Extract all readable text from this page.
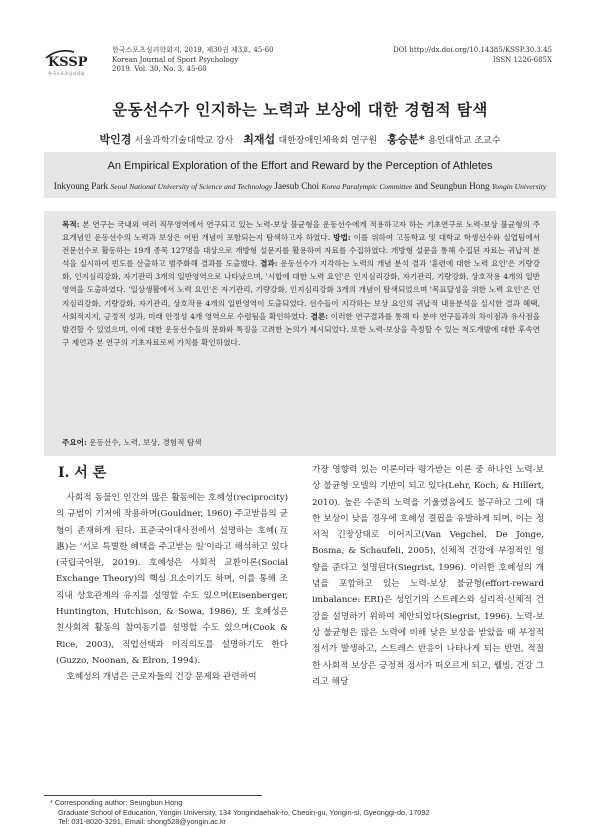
KSSP
한국스포츠심리학회
한국스포츠심리학회지, 2019, 제30권 제3호, 45-60
Korean Journal of Sport Psychology
2019. Vol. 30, No. 3, 45-60
DOI http://dx.doi.org/10.14385/KSSP.30.3.45
ISSN 1226-685X
운동선수가 인지하는 노력과 보상에 대한 경험적 탐색
박인경 서울과학기술대학교 강사 최재섭 대한장애인체육회 연구원 홍승분* 용인대학교 조교수
An Empirical Exploration of the Effort and Reward by the Perception of Athletes
Inkyoung Park Seoul National University of Science and Technology Jaesub Choi Korea Paralympic Committee and Seungbun Hong Yongin University

목적: 본 연구는 국내외 여러 직무영역에서 연구되고 있는 노력-보상 불균형을 운동선수에게 적용하고자 하는 기초연구로 노력-보상 불균형의 주요개념인 운동선수의 노력과 보상은 어떤 개념이 포함되는지 탐색하고자 하였다. 방법: 이를 위하여 고등학교 및 대학교 학생선수와 실업팀에서 전문선수로 활동하는 19개 종목 127명을 대상으로 개방형 설문지를 활용하여 자료를 수집하였다. 개방형 설문을 통해 수집된 자료는 귀납적 분석을 실시하여 빈도를 산출하고 범주화해 결과를 도출했다. 결과: 운동선수가 지각하는 노력의 개념 분석 결과 '훈련에 대한 노력 요인'은 기량강화, 인지심리강화, 자기관리 3개의 일반영역으로 나타났으며, '시합에 대한 노력 요인'은 인지심리강화, 자기관리, 기량강화, 상호작용 4개의 일반영역을 도출하였다. '일상생활에서 노력 요인'은 자기관리, 기량강화, 인지심리강화 3개의 개념이 탐색되었으며 '목표달성을 위한 노력 요인'은 인지심리강화, 기량강화, 자기관리, 상호작용 4개의 일반영역이 도출되었다. 선수들이 지각하는 보상 요인의 귀납적 내용분석을 실시한 결과 혜택, 사회적지지, 긍정적 성과, 미래 안정성 4개 영역으로 수렴됨을 확인하였다. 결론: 이러한 연구결과를 통해 타 분야 연구들과의 차이점과 유사점을 발견할 수 있었으며, 이에 대한 운동선수들의 문화와 특징을 고려한 논의가 제시되었다. 또한 노력-보상을 측정할 수 있는 척도개발에 대한 후속연구 제언과 본 연구의 기초자료로써 가치를 확인하였다.

주요어: 운동선수, 노력, 보상, 경험적 탐색
Ⅰ. 서 론

사회적 동물인 인간의 많은 활동에는 호혜성(reciprocity)의 규범이 기저에 작용하며(Gouldner, 1960) 주고받음의 균형이 존재하게 된다. 표준국어대사전에서 설명하는 호혜(互惠)는 '서로 특별한 혜택을 주고받는 일'이라고 해석하고 있다(국립국어원, 2019). 호혜성은 사회적 교환이론(Social Exchange Theory)의 핵심 요소이기도 하며, 이를 통해 조직내 상호관계의 유지를 설명할 수도 있으며(Eisenberger, Huntington, Hutchison, & Sowa, 1986), 또 호혜성은 친사회적 활동의 참여동기를 설명할 수도 있으며(Cook & Rice, 2003), 직업선택과 이직의도를 설명하기도 한다(Guzzo, Noonan, & Elron, 1994).

호혜성의 개념은 근로자들의 건강 문제와 관련하여

가장 영향력 있는 이론이라 평가받는 이론 중 하나인 노력-보상 불균형 모델의 기반이 되고 있다(Lehr, Koch, & Hillert, 2010). 높은 수준의 노력을 기울였음에도 불구하고 그에 대한 보상이 낮을 경우에 호혜성 결핍을 유발하게 되며, 이는 정서적 긴장상태로 이어지고(Van Vegchel, De Jonge, Bosma, & Schaufeli, 2005), 신체적 건강에 부정적인 영향을 준다고 설명된다(Siegrist, 1996). 이러한 호혜성의 개념을 포함하고 있는 노력-보상 불균형(effort-reward imbalance: ERI)은 성인기의 스트레스와 심리적·신체적 건강을 설명하기 위하여 제안되었다(Siegrist, 1996). 노력-보상 불균형은 많은 노력에 비해 낮은 보상을 받았을 때 부정적 정서가 발생하고, 스트레스 반응이 나타나게 되는 반면, 적절한 사회적 보상은 긍정적 정서가 떠오르게 되고, 웰빙, 건강 그리고 해당

* Corresponding author: Seungbun Hong
Graduate School of Education, Yongin University, 134 Yongindaehak-ro, Cheoin-gu, Yongin-si, Gyeonggi-do, 17092
Tel: 031-8020-3291, Email: shong528@yongin.ac.kr
